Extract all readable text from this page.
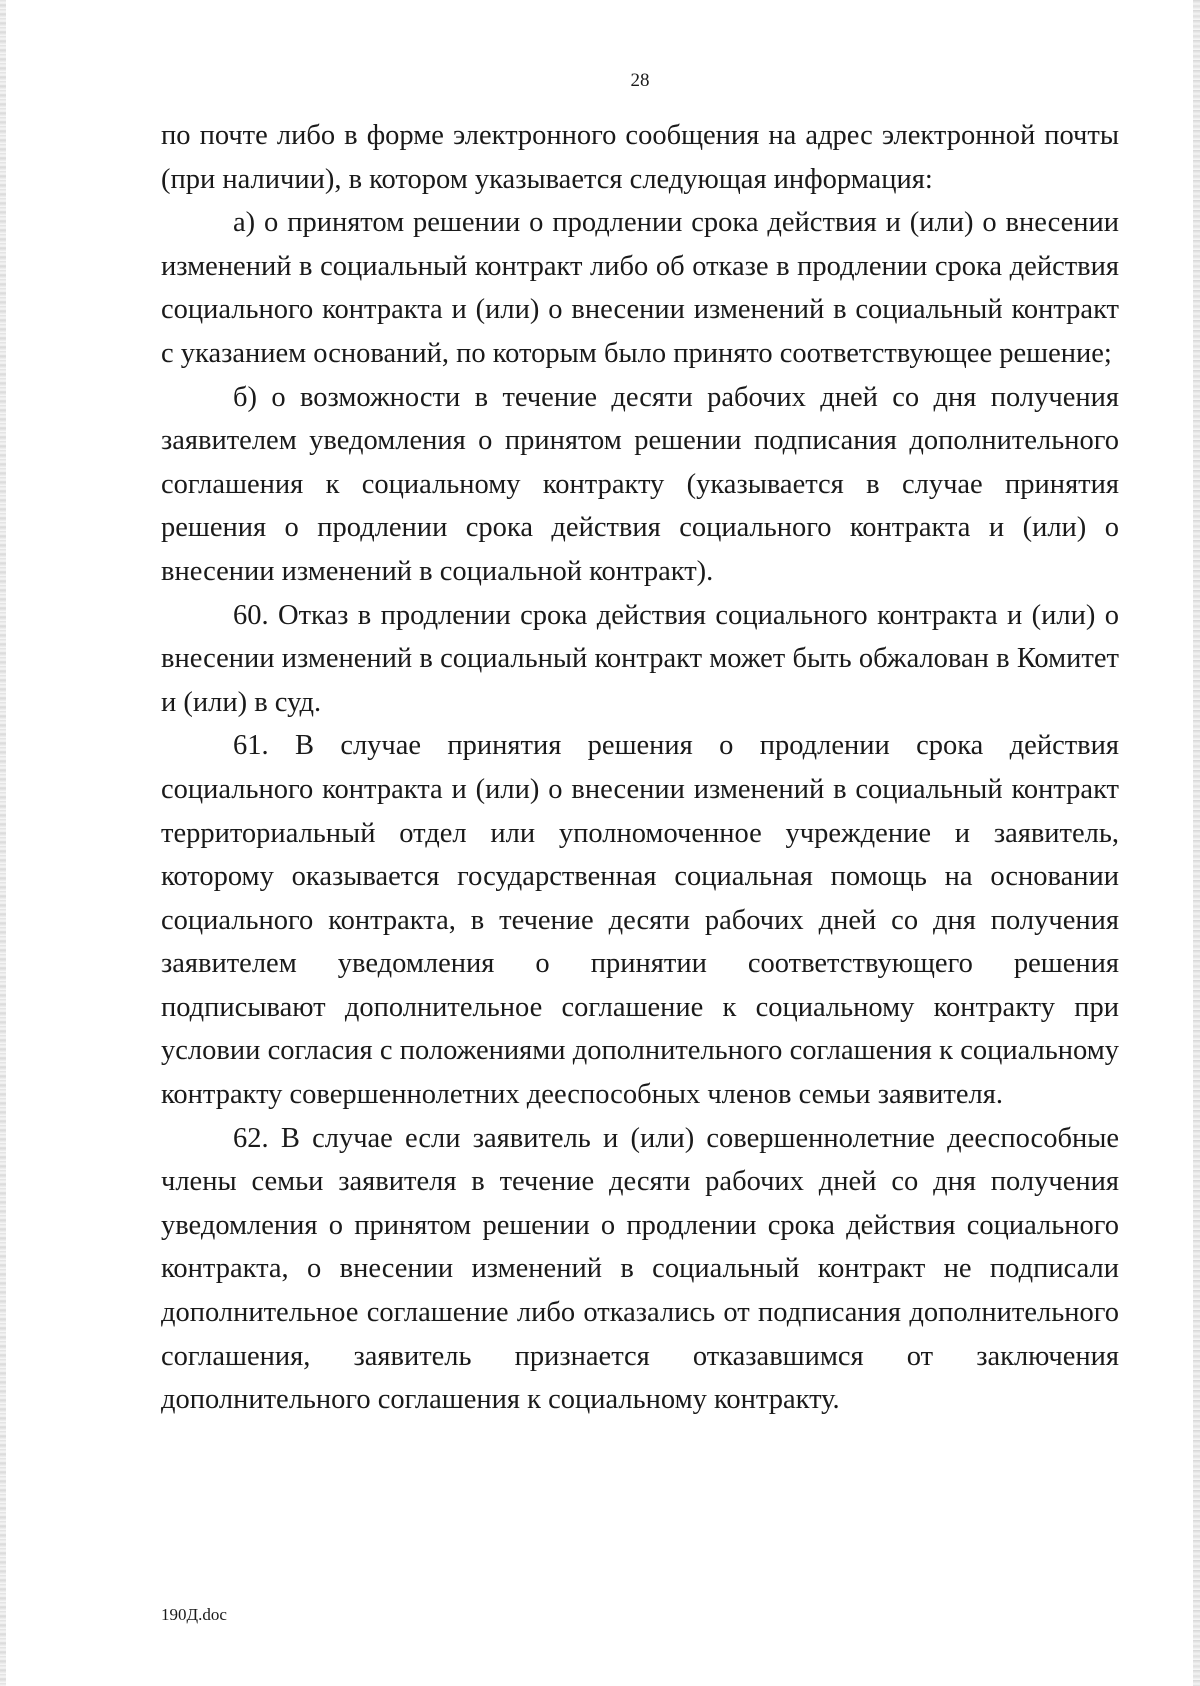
28

по почте либо в форме электронного сообщения на адрес электронной почты (при наличии), в котором указывается следующая информация:

а) о принятом решении о продлении срока действия и (или) о внесении изменений в социальный контракт либо об отказе в продлении срока действия социального контракта и (или) о внесении изменений в социальный контракт с указанием оснований, по которым было принято соответствующее решение;

б) о возможности в течение десяти рабочих дней со дня получения заявителем уведомления о принятом решении подписания дополнительного соглашения к социальному контракту (указывается в случае принятия решения о продлении срока действия социального контракта и (или) о внесении изменений в социальной контракт).

60. Отказ в продлении срока действия социального контракта и (или) о внесении изменений в социальный контракт может быть обжалован в Комитет и (или) в суд.

61. В случае принятия решения о продлении срока действия социального контракта и (или) о внесении изменений в социальный контракт территориальный отдел или уполномоченное учреждение и заявитель, которому оказывается государственная социальная помощь на основании социального контракта, в течение десяти рабочих дней со дня получения заявителем уведомления о принятии соответствующего решения подписывают дополнительное соглашение к социальному контракту при условии согласия с положениями дополнительного соглашения к социальному контракту совершеннолетних дееспособных членов семьи заявителя.

62. В случае если заявитель и (или) совершеннолетние дееспособные члены семьи заявителя в течение десяти рабочих дней со дня получения уведомления о принятом решении о продлении срока действия социального контракта, о внесении изменений в социальный контракт не подписали дополнительное соглашение либо отказались от подписания дополнительного соглашения, заявитель признается отказавшимся от заключения дополнительного соглашения к социальному контракту.

190Д.doc
